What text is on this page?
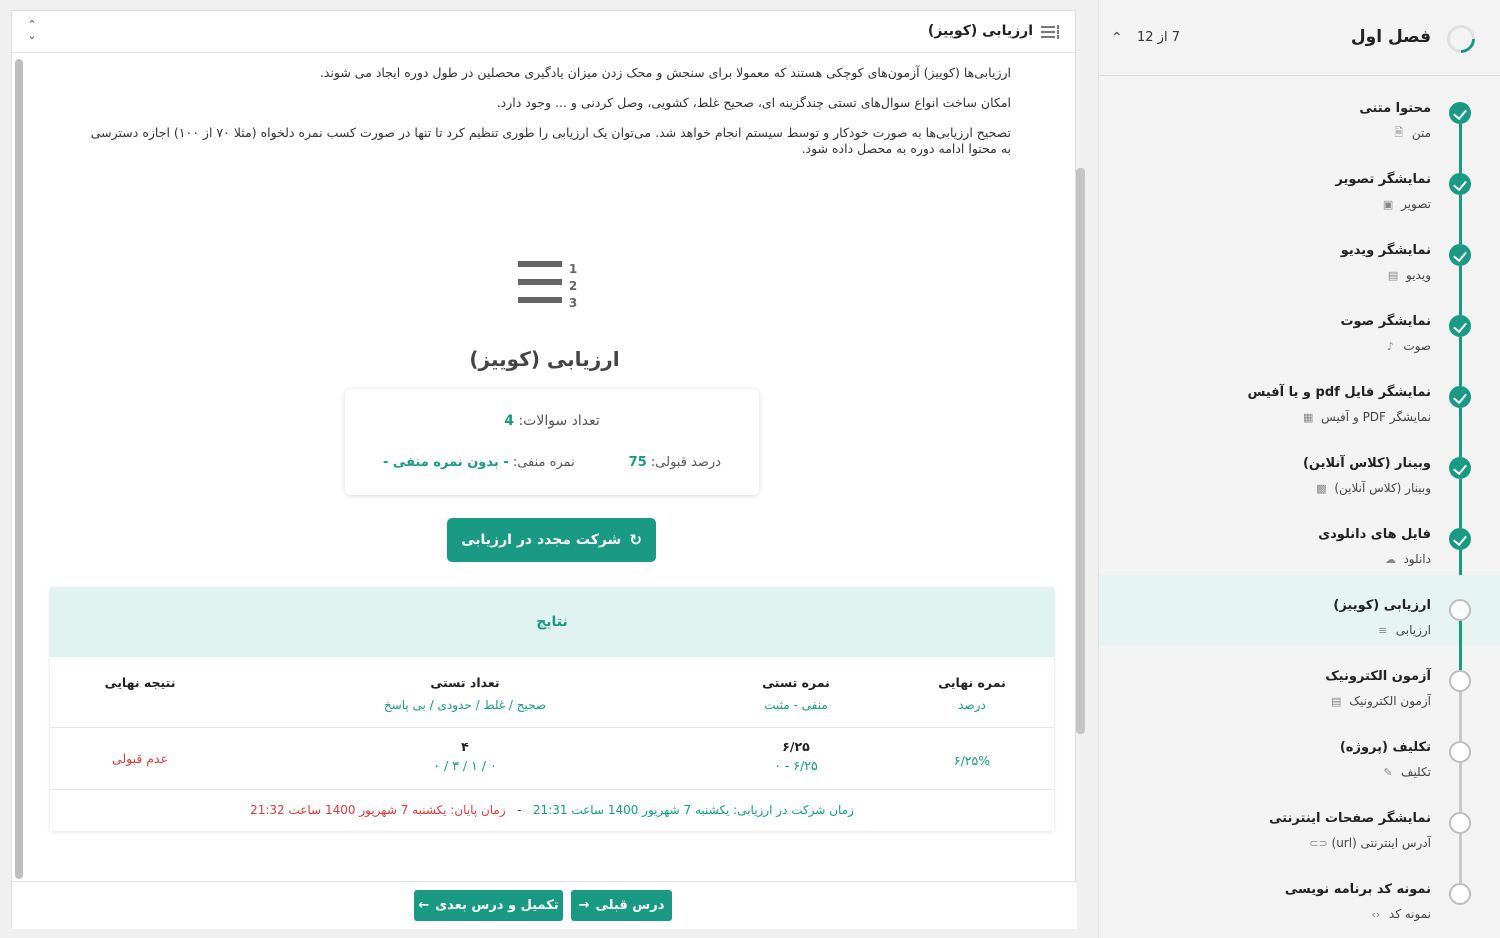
فصل اول
7 از 12
⌃
محتوا متنی
متن
🗎
نمایشگر تصویر
تصویر
▣
نمایشگر ویدیو
ویدیو
▤
نمایشگر صوت
صوت
♪
نمایشگر فایل pdf و یا آفیس
نمایشگر PDF و آفیس
▦
وبینار (کلاس آنلاین)
وبینار (کلاس آنلاین)
▩
فایل های دانلودی
دانلود
☁
ارزیابی (کوییز)
ارزیابی
≡
آزمون الکترونیک
آزمون الکترونیک
▤
تکلیف (پروژه)
تکلیف
✎
نمایشگر صفحات اینترنتی
آدرس اینترنتی (url)
⊂⊃
نمونه کد برنامه نویسی
نمونه کد
‹›
ارزیابی (کوییز)
⌃
⌄

ارزیابی‌ها (کوییز) آزمون‌های کوچکی هستند که معمولا برای سنجش و محک زدن میزان یادگیری محصلین در طول دوره ایجاد می شوند.

امکان ساخت انواع سوال‌های تستی چندگزینه ای، صحیح غلط، کشویی، وصل کردنی و ... وجود دارد.

تصحیح ارزیابی‌ها به صورت خودکار و توسط سیستم انجام خواهد شد. می‌توان یک ارزیابی را طوری تنظیم کرد تا تنها در صورت کسب نمره دلخواه (مثلا ۷۰ از ۱۰۰) اجازه دسترسی به محتوا ادامه دوره به محصل داده شود.

1
2
3
ارزیابی (کوییز)
تعداد سوالات: 4
درصد قبولی: 75
نمره منفی: - بدون نمره منفی -
↻
شرکت مجدد در ارزیابی
نتایج
نمره نهایی
درصد
نمره تستی
منفی - مثبت
تعداد تستی
صحیح / غلط / حدودی / بی پاسخ
نتیجه نهایی
۶/۲۵%
۶/۲۵
۶/۲۵ - ۰
۴
۰ / ۱ / ۳ / ۰
عدم قبولی
زمان شرکت در ارزیابی: یکشنبه 7 شهریور 1400 ساعت 21:31   -   زمان پایان: یکشنبه 7 شهریور 1400 ساعت 21:32
درس قبلی
→
تکمیل و درس بعدی
←
